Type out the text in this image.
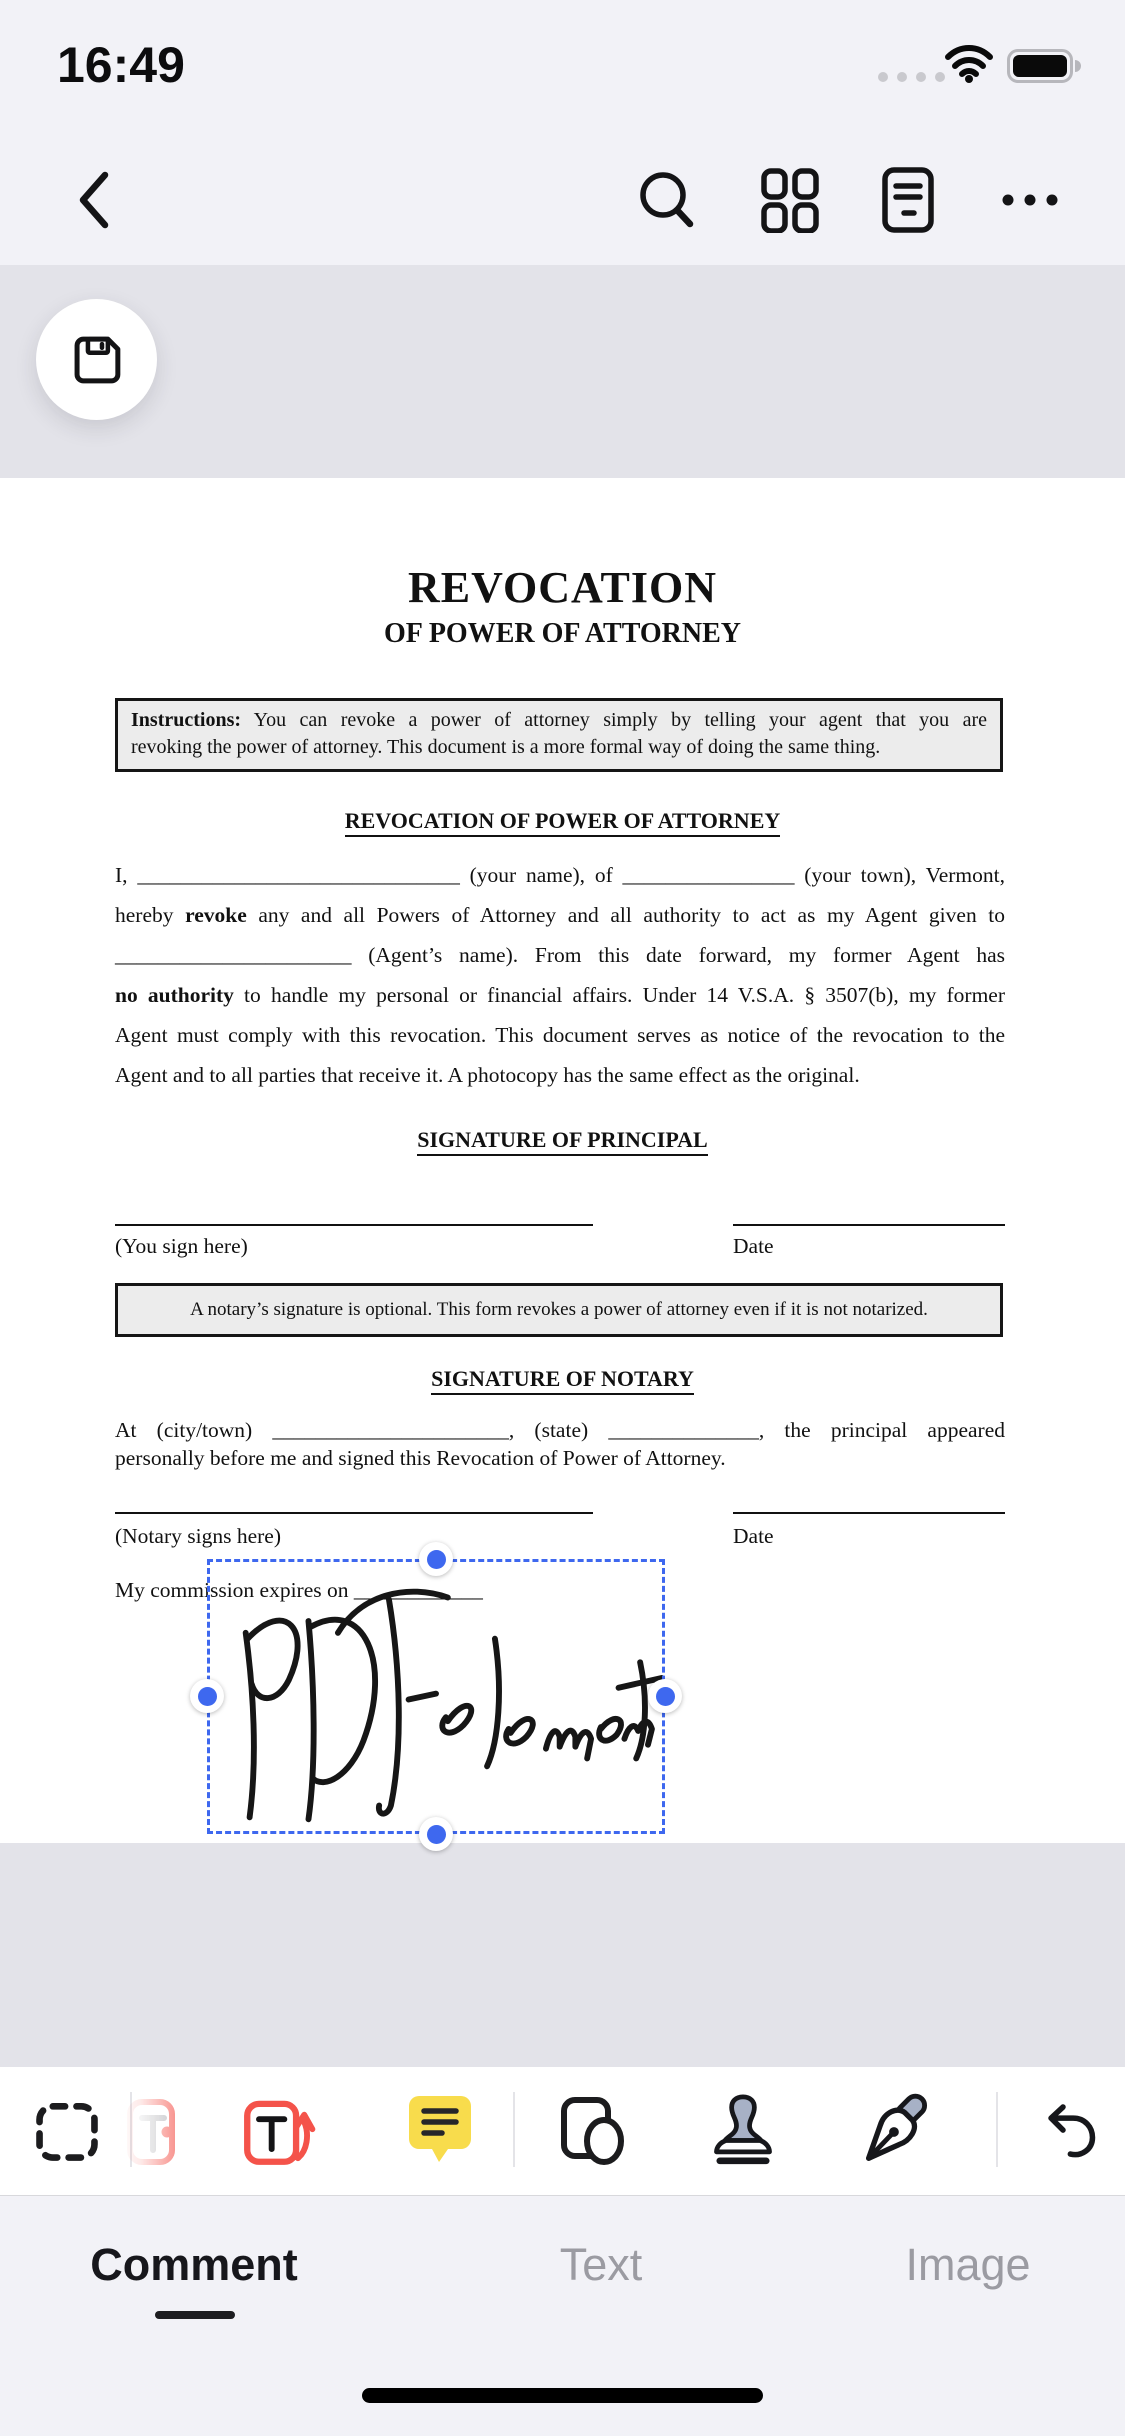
16:49
REVOCATION
OF POWER OF ATTORNEY
Instructions: You can revoke a power of attorney simply by telling your agent that you are
revoking the power of attorney. This document is a more formal way of doing the same thing.
REVOCATION OF POWER OF ATTORNEY
I, ______________________________ (your name), of ________________ (your town), Vermont,
hereby revoke any and all Powers of Attorney and all authority to act as my Agent given to
______________________ (Agent’s name). From this date forward, my former Agent has
no authority to handle my personal or financial affairs. Under 14 V.S.A. § 3507(b), my former
Agent must comply with this revocation. This document serves as notice of the revocation to the
Agent and to all parties that receive it. A photocopy has the same effect as the original.
SIGNATURE OF PRINCIPAL
(You sign here)	Date
A notary’s signature is optional. This form revokes a power of attorney even if it is not notarized.
SIGNATURE OF NOTARY
At (city/town) ______________________, (state) ______________, the principal appeared
personally before me and signed this Revocation of Power of Attorney.
(Notary signs here)	Date
My commission expires on ____________
Comment	Text	Image
